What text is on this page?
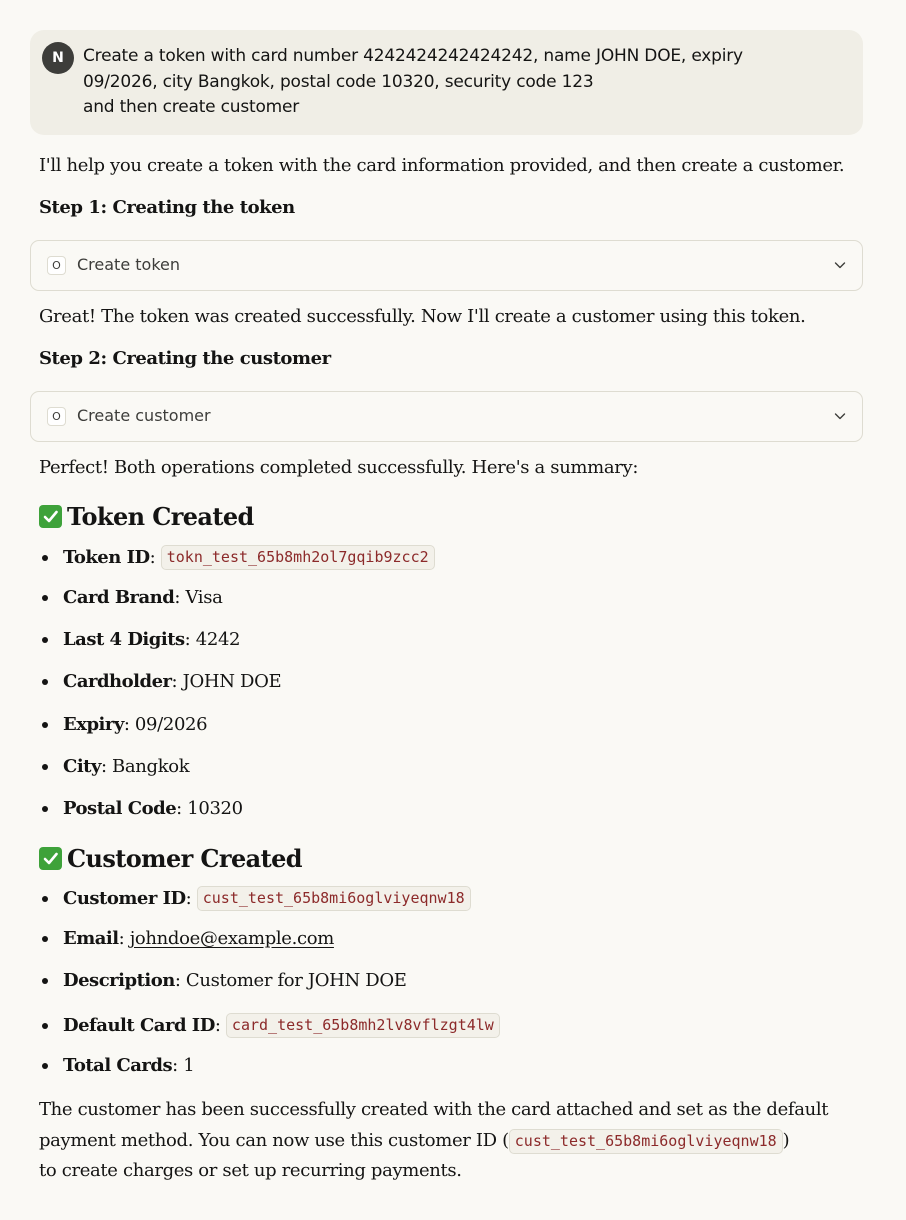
N	Create a token with card number 4242424242424242, name JOHN DOE, expiry
09/2026, city Bangkok, postal code 10320, security code 123
and then create customer
I'll help you create a token with the card information provided, and then create a customer.
Step 1: Creating the token
O	Create token
Great! The token was created successfully. Now I'll create a customer using this token.
Step 2: Creating the customer
O	Create customer
Perfect! Both operations completed successfully. Here's a summary:
Token Created
Token ID : tokn_test_65b8mh2ol7gqib9zcc2
Card Brand : Visa
Last 4 Digits : 4242
Cardholder : JOHN DOE
Expiry : 09/2026
City : Bangkok
Postal Code : 10320
Customer Created
Customer ID : cust_test_65b8mi6oglviyeqnw18
Email : johndoe@example.com
Description : Customer for JOHN DOE
Default Card ID : card_test_65b8mh2lv8vflzgt4lw
Total Cards : 1
The customer has been successfully created with the card attached and set as the default
payment method. You can now use this customer ID ( cust_test_65b8mi6oglviyeqnw18 )
to create charges or set up recurring payments.
